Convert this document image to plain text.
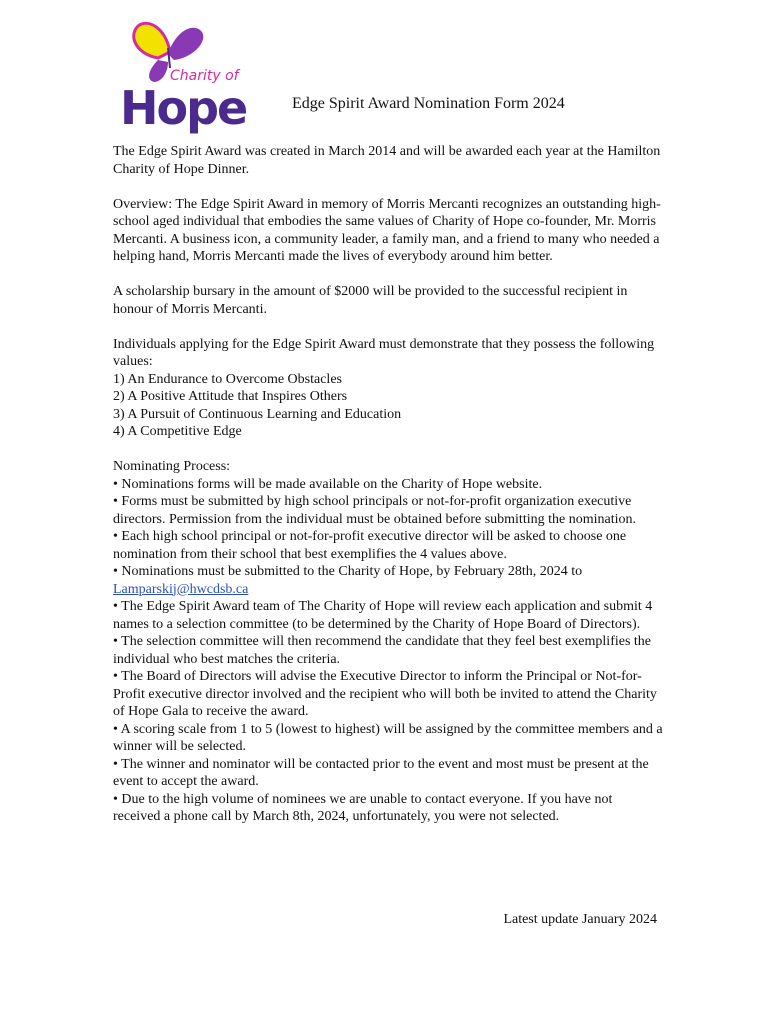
Charity of
Hope	Edge Spirit Award Nomination Form 2024

The Edge Spirit Award was created in March 2014 and will be awarded each year at the Hamilton Charity of Hope Dinner.

Overview: The Edge Spirit Award in memory of Morris Mercanti recognizes an outstanding high-school aged individual that embodies the same values of Charity of Hope co-founder, Mr. Morris Mercanti. A business icon, a community leader, a family man, and a friend to many who needed a helping hand, Morris Mercanti made the lives of everybody around him better.

A scholarship bursary in the amount of $2000 will be provided to the successful recipient in honour of Morris Mercanti.

Individuals applying for the Edge Spirit Award must demonstrate that they possess the following values:
1) An Endurance to Overcome Obstacles
2) A Positive Attitude that Inspires Others
3) A Pursuit of Continuous Learning and Education
4) A Competitive Edge

Nominating Process:
• Nominations forms will be made available on the Charity of Hope website.
• Forms must be submitted by high school principals or not-for-profit organization executive directors. Permission from the individual must be obtained before submitting the nomination.
• Each high school principal or not-for-profit executive director will be asked to choose one nomination from their school that best exemplifies the 4 values above.
• Nominations must be submitted to the Charity of Hope, by February 28th, 2024 to
Lamparskij@hwcdsb.ca
• The Edge Spirit Award team of The Charity of Hope will review each application and submit 4 names to a selection committee (to be determined by the Charity of Hope Board of Directors).
• The selection committee will then recommend the candidate that they feel best exemplifies the individual who best matches the criteria.
• The Board of Directors will advise the Executive Director to inform the Principal or Not-for-Profit executive director involved and the recipient who will both be invited to attend the Charity of Hope Gala to receive the award.
• A scoring scale from 1 to 5 (lowest to highest) will be assigned by the committee members and a winner will be selected.
• The winner and nominator will be contacted prior to the event and most must be present at the event to accept the award.
• Due to the high volume of nominees we are unable to contact everyone. If you have not received a phone call by March 8th, 2024, unfortunately, you were not selected.
Latest update January 2024
